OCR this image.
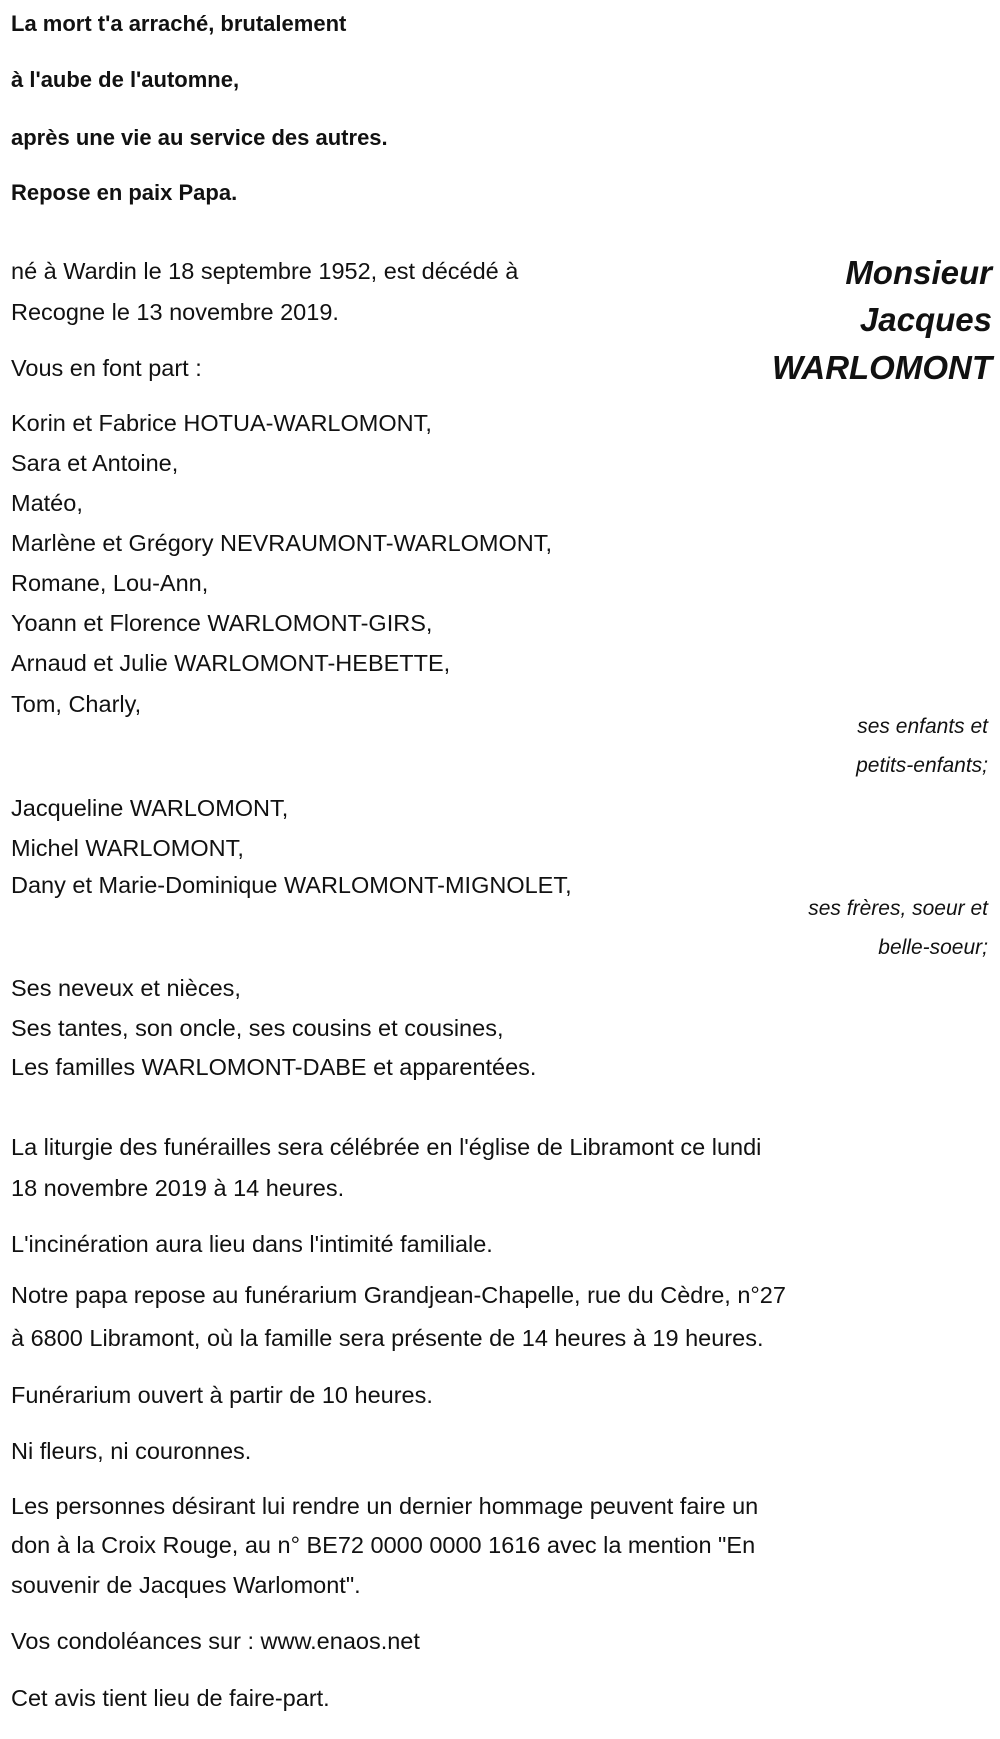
La mort t'a arraché, brutalement
à l'aube de l'automne,
après une vie au service des autres.
Repose en paix Papa.
Monsieur
Jacques
WARLOMONT
né à Wardin le 18 septembre 1952, est décédé à
Recogne le 13 novembre 2019.
Vous en font part :
Korin et Fabrice HOTUA-WARLOMONT,
Sara et Antoine,
Matéo,
Marlène et Grégory NEVRAUMONT-WARLOMONT,
Romane, Lou-Ann,
Yoann et Florence WARLOMONT-GIRS,
Arnaud et Julie WARLOMONT-HEBETTE,
Tom, Charly,
ses enfants et
petits-enfants;
Jacqueline WARLOMONT,
Michel WARLOMONT,
Dany et Marie-Dominique WARLOMONT-MIGNOLET,
ses frères, soeur et
belle-soeur;
Ses neveux et nièces,
Ses tantes, son oncle, ses cousins et cousines,
Les familles WARLOMONT-DABE et apparentées.
La liturgie des funérailles sera célébrée en l'église de Libramont ce lundi
18 novembre 2019 à 14 heures.
L'incinération aura lieu dans l'intimité familiale.
Notre papa repose au funérarium Grandjean-Chapelle, rue du Cèdre, n°27
à 6800 Libramont, où la famille sera présente de 14 heures à 19 heures.
Funérarium ouvert à partir de 10 heures.
Ni fleurs, ni couronnes.
Les personnes désirant lui rendre un dernier hommage peuvent faire un
don à la Croix Rouge, au n° BE72 0000 0000 1616 avec la mention "En
souvenir de Jacques Warlomont".
Vos condoléances sur : www.enaos.net
Cet avis tient lieu de faire-part.
